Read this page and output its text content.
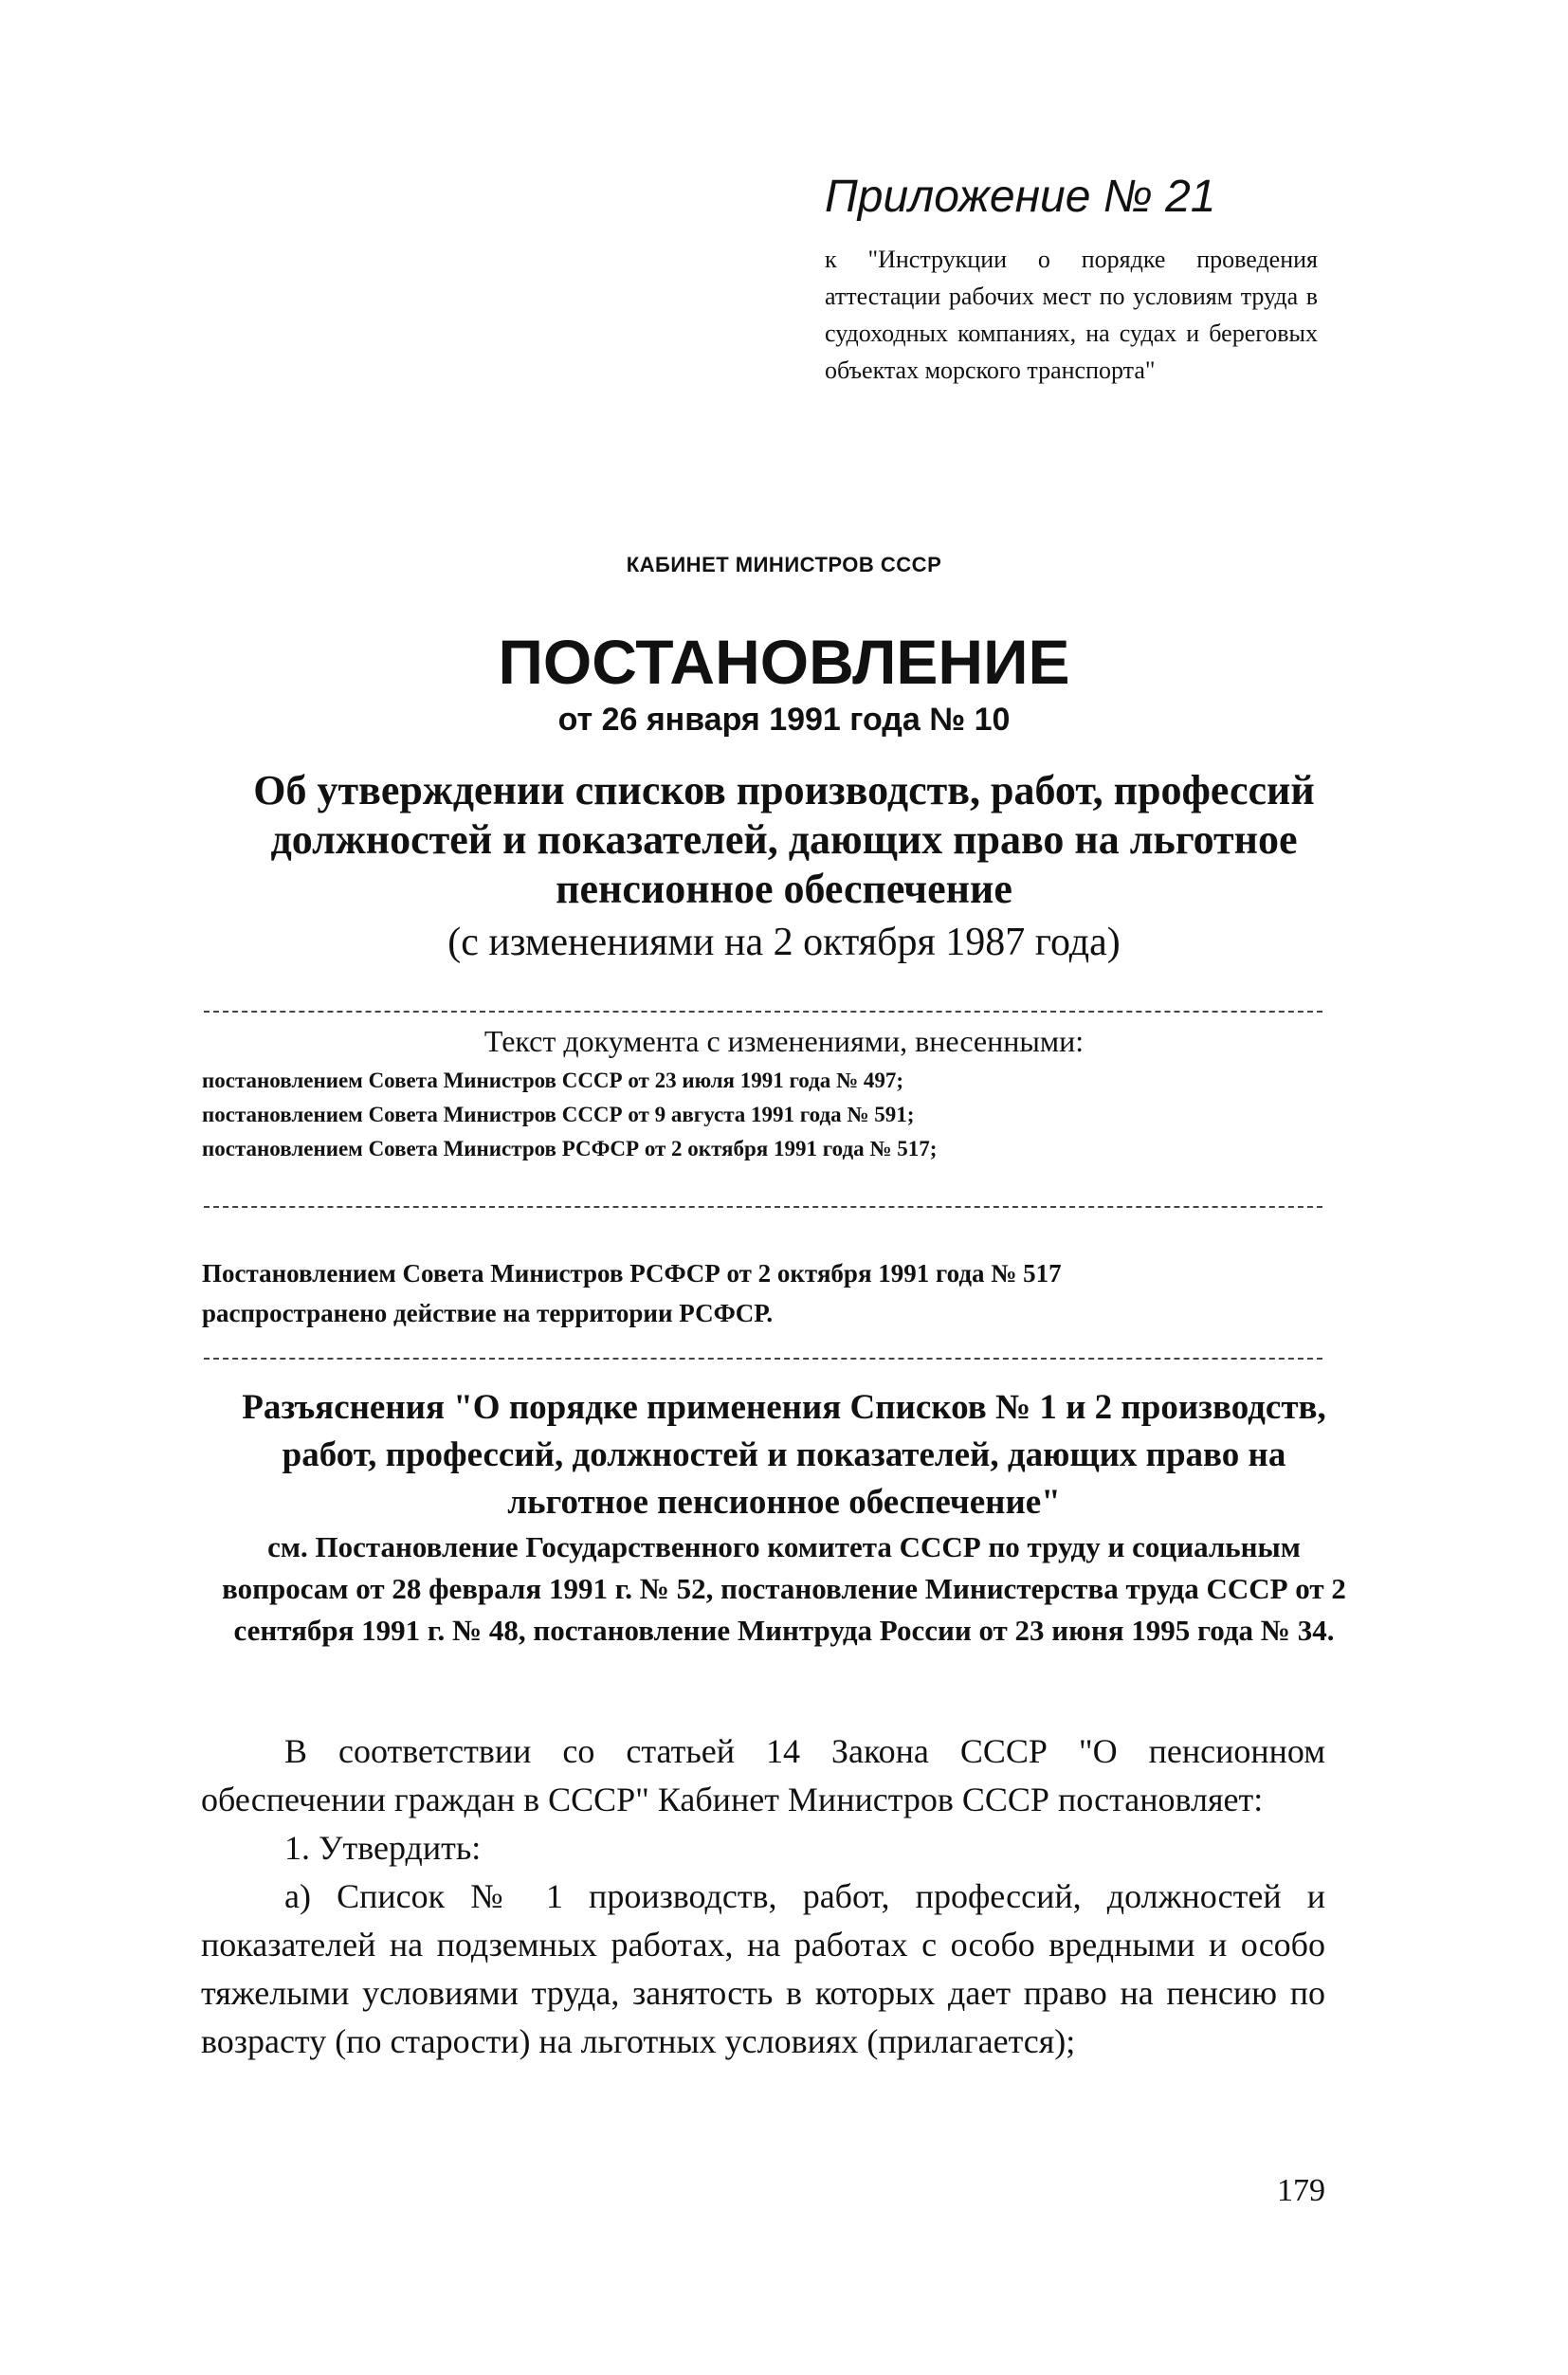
Приложение № 21

к "Инструкции о порядке проведения аттестации рабочих мест по условиям труда в судоходных компаниях, на судах и береговых объектах морского транспорта"

КАБИНЕТ МИНИСТРОВ СССР
ПОСТАНОВЛЕНИЕ
от 26 января 1991 года № 10
Об утверждении списков производств, работ, профессий должностей и показателей, дающих право на льготное пенсионное обеспечение
(с изменениями на 2 октября 1987 года)
Текст документа с изменениями, внесенными:
постановлением Совета Министров СССР от 23 июля 1991 года № 497;
постановлением Совета Министров СССР от 9 августа 1991 года № 591;
постановлением Совета Министров РСФСР от 2 октября 1991 года № 517;

Постановлением Совета Министров РСФСР от 2 октября 1991 года № 517

распространено действие на территории РСФСР.

Разъяснения "О порядке применения Списков № 1 и 2 производств, работ, профессий, должностей и показателей, дающих право на льготное пенсионное обеспечение"

см. Постановление Государственного комитета СССР по труду и социальным вопросам от 28 февраля 1991 г. № 52, постановление Министерства труда СССР от 2 сентября 1991 г. № 48, постановление Минтруда России от 23 июня 1995 года № 34.

В соответствии со статьей 14 Закона СССР "О пенсионном обеспечении граждан в СССР" Кабинет Министров СССР постановляет:

1. Утвердить:

а) Список № 1 производств, работ, профессий, должностей и показателей на подземных работах, на работах с особо вредными и особо тяжелыми условиями труда, занятость в которых дает право на пенсию по возрасту (по старости) на льготных условиях (прилагается);

179
